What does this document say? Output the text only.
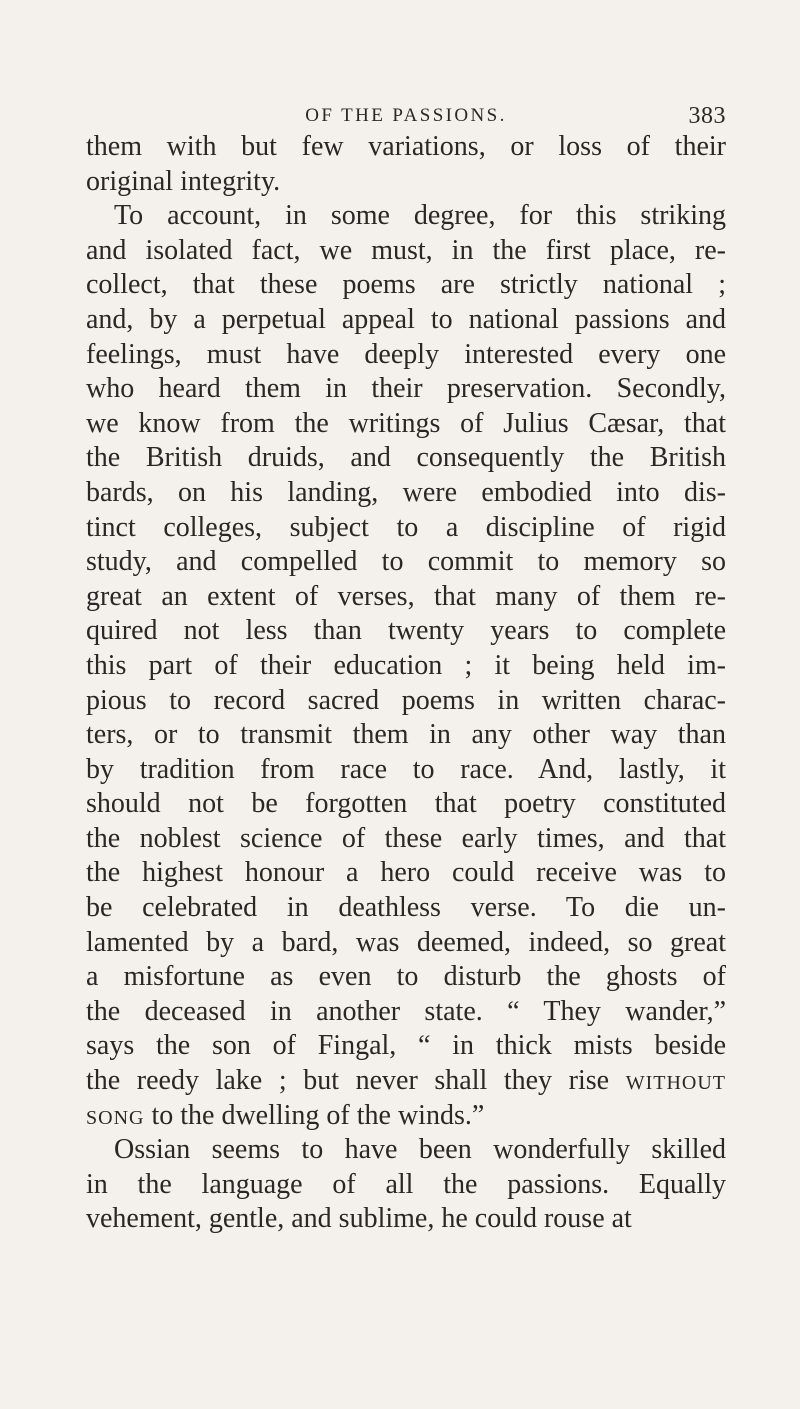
OF THE PASSIONS.	383
them with but few variations, or loss of their
original integrity.
To account, in some degree, for this striking
and isolated fact, we must, in the first place, re-
collect, that these poems are strictly national ;
and, by a perpetual appeal to national passions and
feelings, must have deeply interested every one
who heard them in their preservation. Secondly,
we know from the writings of Julius Cæsar, that
the British druids, and consequently the British
bards, on his landing, were embodied into dis-
tinct colleges, subject to a discipline of rigid
study, and compelled to commit to memory so
great an extent of verses, that many of them re-
quired not less than twenty years to complete
this part of their education ; it being held im-
pious to record sacred poems in written charac-
ters, or to transmit them in any other way than
by tradition from race to race. And, lastly, it
should not be forgotten that poetry constituted
the noblest science of these early times, and that
the highest honour a hero could receive was to
be celebrated in deathless verse. To die un-
lamented by a bard, was deemed, indeed, so great
a misfortune as even to disturb the ghosts of
the deceased in another state. “ They wander,”
says the son of Fingal, “ in thick mists beside
the reedy lake ; but never shall they rise without
song to the dwelling of the winds.”
Ossian seems to have been wonderfully skilled
in the language of all the passions. Equally
vehement, gentle, and sublime, he could rouse at
